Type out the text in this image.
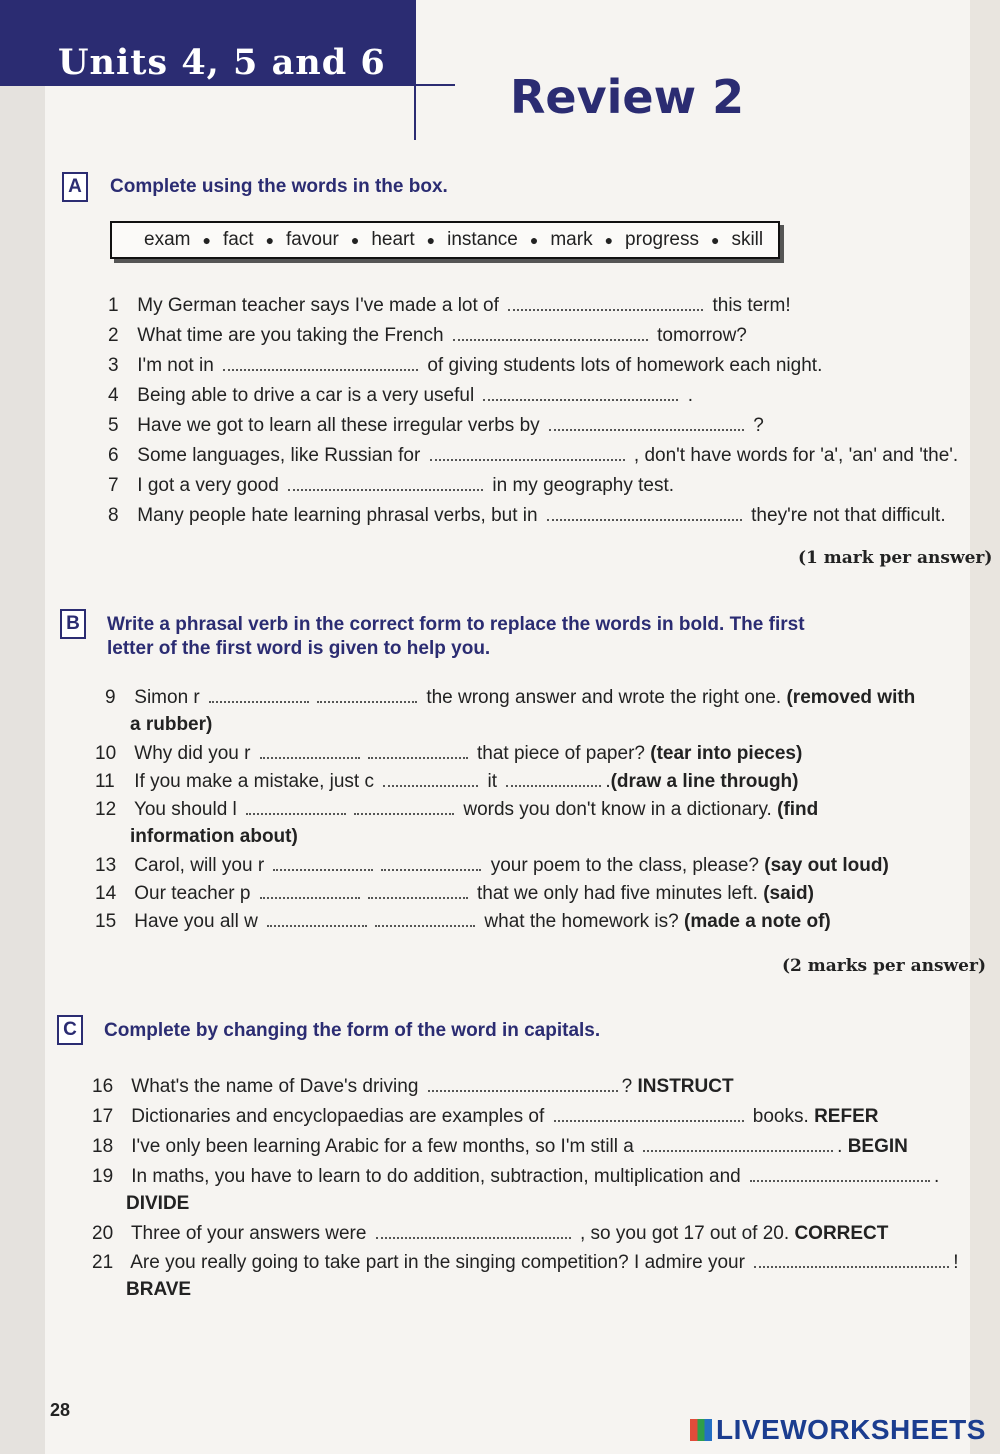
Units 4, 5 and 6
Review 2
A	Complete using the words in the box.
exam ● fact ● favour ● heart ● instance ● mark ● progress ● skill
1 My German teacher says I've made a lot of	this term!
2 What time are you taking the French	tomorrow?
3 I'm not in	of giving students lots of homework each night.
4 Being able to drive a car is a very useful	.
5 Have we got to learn all these irregular verbs by	?
6 Some languages, like Russian for	, don't have words for 'a', 'an' and 'the'.
7 I got a very good	in my geography test.
8 Many people hate learning phrasal verbs, but in	they're not that difficult.
(1 mark per answer)
B	Write a phrasal verb in the correct form to replace the words in bold. The first
letter of the first word is given to help you.
9 Simon r	the wrong answer and wrote the right one. (removed with
a rubber)
10 Why did you r	that piece of paper? (tear into pieces)
11 If you make a mistake, just c	it	.(draw a line through)
12 You should l	words you don't know in a dictionary. (find
information about)
13 Carol, will you r	your poem to the class, please? (say out loud)
14 Our teacher p	that we only had five minutes left. (said)
15 Have you all w	what the homework is? (made a note of)
(2 marks per answer)
C	Complete by changing the form of the word in capitals.
16 What's the name of Dave's driving	? INSTRUCT
17 Dictionaries and encyclopaedias are examples of	books. REFER
18 I've only been learning Arabic for a few months, so I'm still a	. BEGIN
19 In maths, you have to learn to do addition, subtraction, multiplication and	.
DIVIDE
20 Three of your answers were	, so you got 17 out of 20. CORRECT
21 Are you really going to take part in the singing competition? I admire your	!
BRAVE
28
LIVEWORKSHEETS
